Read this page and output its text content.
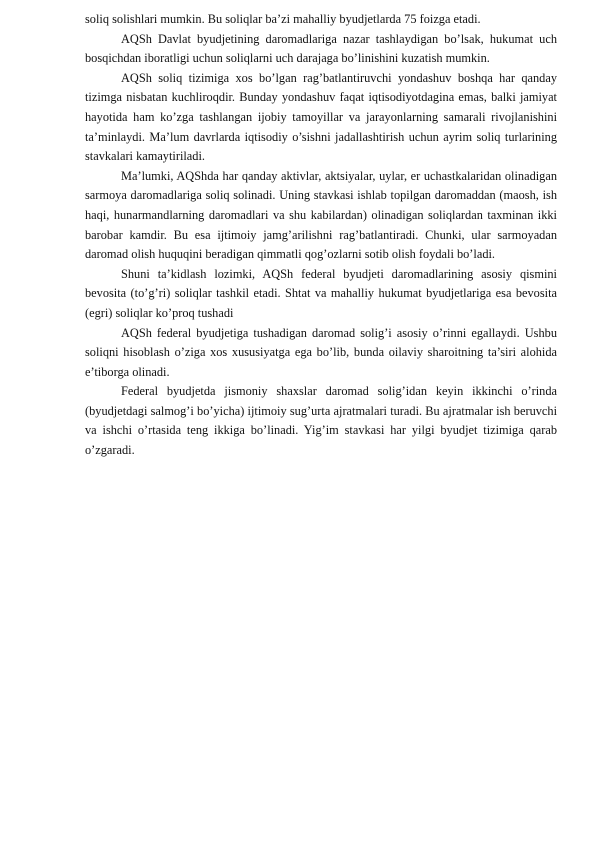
soliq solishlari mumkin. Bu soliqlar ba’zi mahalliy byudjetlarda 75 foizga etadi.

AQSh Davlat byudjetining daromadlariga nazar tashlaydigan bo’lsak, hukumat uch bosqichdan iboratligi uchun soliqlarni uch darajaga bo’linishini kuzatish mumkin.

AQSh soliq tizimiga xos bo’lgan rag’batlantiruvchi yondashuv boshqa har qanday tizimga nisbatan kuchliroqdir. Bunday yondashuv faqat iqtisodiyotdagina emas, balki jamiyat hayotida ham ko’zga tashlangan ijobiy tamoyillar va jarayonlarning samarali rivojlanishini ta’minlaydi. Ma’lum davrlarda iqtisodiy o’sishni jadallashtirish uchun ayrim soliq turlarining stavkalari kamaytiriladi.

Ma’lumki, AQShda har qanday aktivlar, aktsiyalar, uylar, er uchastkalaridan olinadigan sarmoya daromadlariga soliq solinadi. Uning stavkasi ishlab topilgan daromaddan (maosh, ish haqi, hunarmandlarning daromadlari va shu kabilardan) olinadigan soliqlardan taxminan ikki barobar kamdir. Bu esa ijtimoiy jamg’arilishni rag’batlantiradi. Chunki, ular sarmoyadan daromad olish huquqini beradigan qimmatli qog’ozlarni sotib olish foydali bo’ladi.

Shuni ta’kidlash lozimki, AQSh federal byudjeti daromadlarining asosiy qismini bevosita (to’g’ri) soliqlar tashkil etadi. Shtat va mahalliy hukumat byudjetlariga esa bevosita (egri) soliqlar ko’proq tushadi

AQSh federal byudjetiga tushadigan daromad solig’i asosiy o’rinni egallaydi. Ushbu soliqni hisoblash o’ziga xos xususiyatga ega bo’lib, bunda oilaviy sharoitning ta’siri alohida e’tiborga olinadi.

Federal byudjetda jismoniy shaxslar daromad solig’idan keyin ikkinchi o’rinda (byudjetdagi salmog’i bo’yicha) ijtimoiy sug’urta ajratmalari turadi. Bu ajratmalar ish beruvchi va ishchi o’rtasida teng ikkiga bo’linadi. Yig’im stavkasi har yilgi byudjet tizimiga qarab o’zgaradi.
